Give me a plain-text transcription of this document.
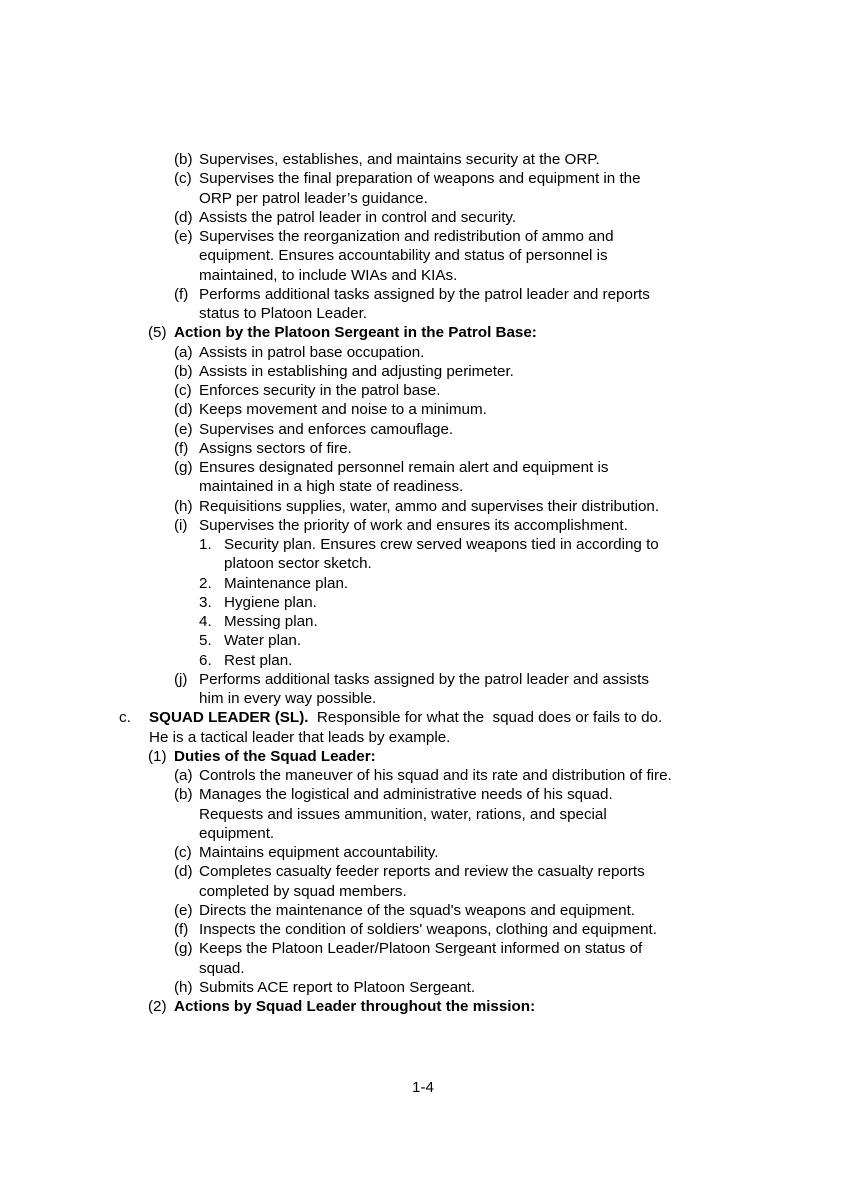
(b) Supervises, establishes, and maintains security at the ORP.
(c) Supervises the final preparation of weapons and equipment in the
ORP per patrol leader’s guidance.
(d) Assists the patrol leader in control and security.
(e) Supervises the reorganization and redistribution of ammo and
equipment. Ensures accountability and status of personnel is
maintained, to include WIAs and KIAs.
(f) Performs additional tasks assigned by the patrol leader and reports
status to Platoon Leader.
(5) Action by the Platoon Sergeant in the Patrol Base:
(a) Assists in patrol base occupation.
(b) Assists in establishing and adjusting perimeter.
(c) Enforces security in the patrol base.
(d) Keeps movement and noise to a minimum.
(e) Supervises and enforces camouflage.
(f) Assigns sectors of fire.
(g) Ensures designated personnel remain alert and equipment is
maintained in a high state of readiness.
(h) Requisitions supplies, water, ammo and supervises their distribution.
(i) Supervises the priority of work and ensures its accomplishment.
1. Security plan. Ensures crew served weapons tied in according to
platoon sector sketch.
2. Maintenance plan.
3. Hygiene plan.
4. Messing plan.
5. Water plan.
6. Rest plan.
(j) Performs additional tasks assigned by the patrol leader and assists
him in every way possible.
c. SQUAD LEADER (SL).  Responsible for what the  squad does or fails to do.
He is a tactical leader that leads by example.
(1) Duties of the Squad Leader:
(a) Controls the maneuver of his squad and its rate and distribution of fire.
(b) Manages the logistical and administrative needs of his squad.
Requests and issues ammunition, water, rations, and special
equipment.
(c) Maintains equipment accountability.
(d) Completes casualty feeder reports and review the casualty reports
completed by squad members.
(e) Directs the maintenance of the squad's weapons and equipment.
(f) Inspects the condition of soldiers' weapons, clothing and equipment.
(g) Keeps the Platoon Leader/Platoon Sergeant informed on status of
squad.
(h) Submits ACE report to Platoon Sergeant.
(2) Actions by Squad Leader throughout the mission:
1-4
